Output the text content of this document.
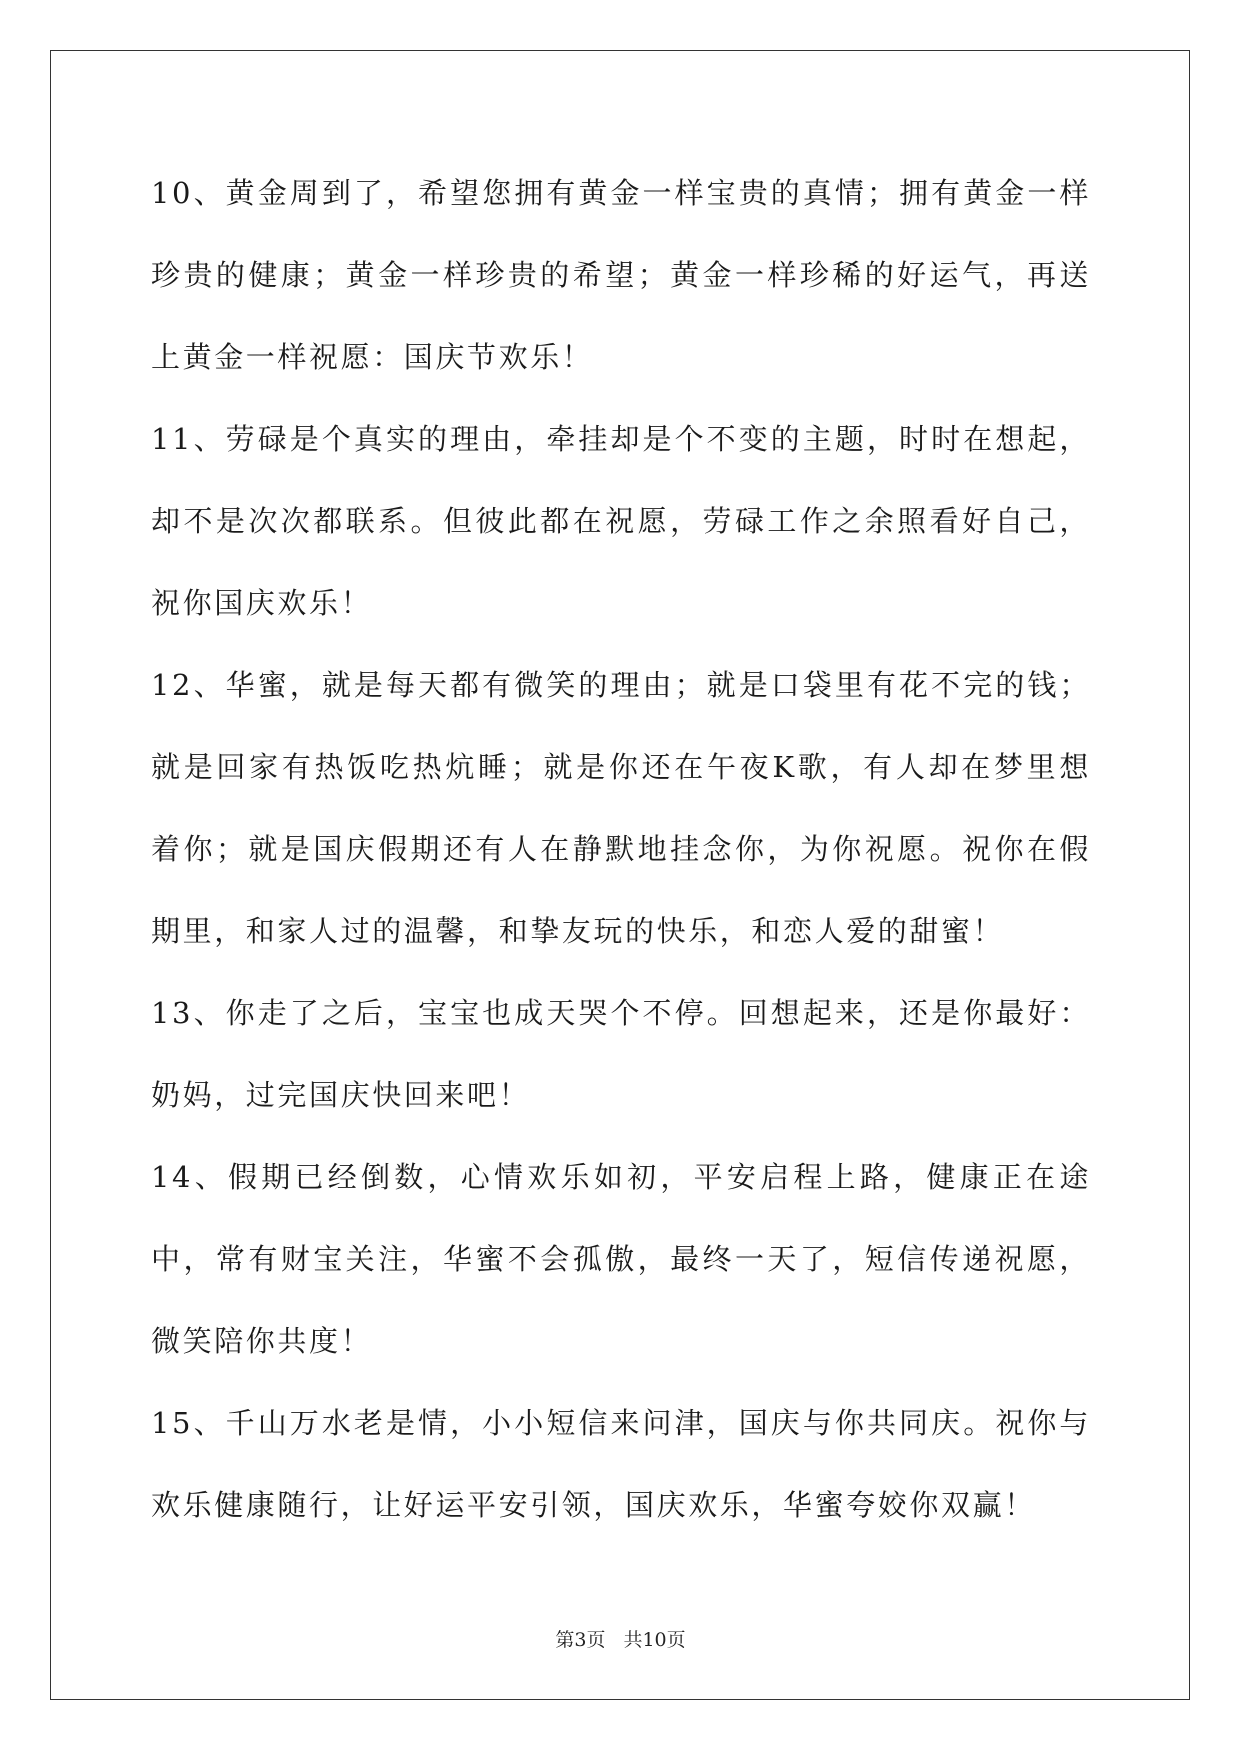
10、黄金周到了，希望您拥有黄金一样宝贵的真情；拥有黄金一样珍贵的健康；黄金一样珍贵的希望；黄金一样珍稀的好运气，再送上黄金一样祝愿：国庆节欢乐！

11、劳碌是个真实的理由，牵挂却是个不变的主题，时时在想起，却不是次次都联系。但彼此都在祝愿，劳碌工作之余照看好自己，祝你国庆欢乐！

12、华蜜，就是每天都有微笑的理由；就是口袋里有花不完的钱；就是回家有热饭吃热炕睡；就是你还在午夜K歌，有人却在梦里想着你；就是国庆假期还有人在静默地挂念你，为你祝愿。祝你在假期里，和家人过的温馨，和挚友玩的快乐，和恋人爱的甜蜜！

13、你走了之后，宝宝也成天哭个不停。回想起来，还是你最好：奶妈，过完国庆快回来吧！

14、假期已经倒数，心情欢乐如初，平安启程上路，健康正在途中，常有财宝关注，华蜜不会孤傲，最终一天了，短信传递祝愿，微笑陪你共度！

15、千山万水老是情，小小短信来问津，国庆与你共同庆。祝你与欢乐健康随行，让好运平安引领，国庆欢乐，华蜜夸姣你双赢！

第3页 共10页
